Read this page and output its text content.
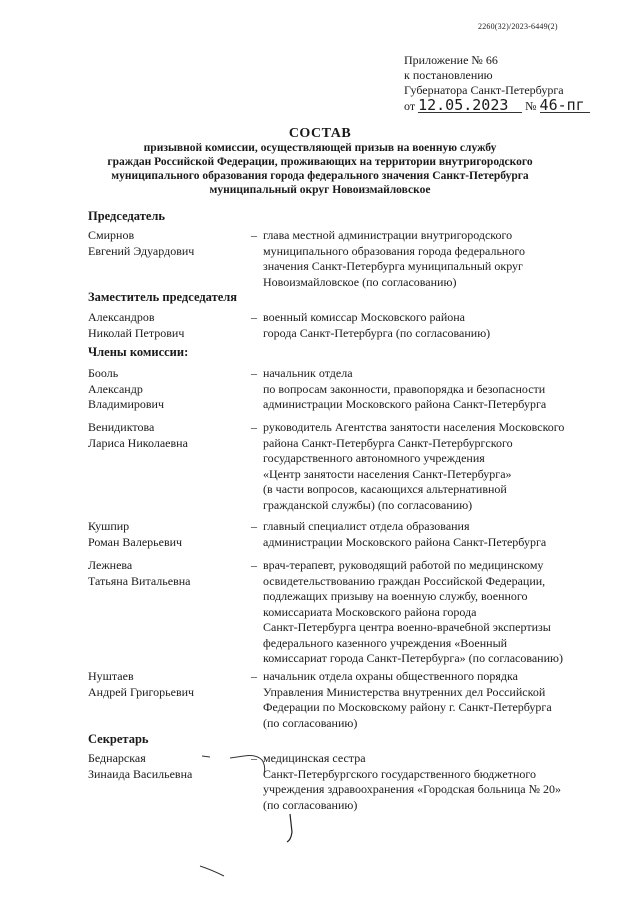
2260(32)/2023-6449(2)
Приложение № 66
к постановлению
Губернатора Санкт-Петербурга
от 12.05.2023 № 46-пг
СОСТАВ
призывной комиссии, осуществляющей призыв на военную службу
граждан Российской Федерации, проживающих на территории внутригородского
муниципального образования города федерального значения Санкт-Петербурга
муниципальный округ Новоизмайловское
Председатель
Смирнов
Евгений Эдуардович
– глава местной администрации внутригородского
муниципального образования города федерального
значения Санкт-Петербурга муниципальный округ
Новоизмайловское (по согласованию)
Заместитель председателя
Александров
Николай Петрович
– военный комиссар Московского района
города Санкт-Петербурга (по согласованию)
Члены комиссии:
Бооль
Александр
Владимирович
– начальник отдела
по вопросам законности, правопорядка и безопасности
администрации Московского района Санкт-Петербурга
Венидиктова
Лариса Николаевна
– руководитель Агентства занятости населения Московского
района Санкт-Петербурга Санкт-Петербургского
государственного автономного учреждения
«Центр занятости населения Санкт-Петербурга»
(в части вопросов, касающихся альтернативной
гражданской службы) (по согласованию)
Кушпир
Роман Валерьевич
– главный специалист отдела образования
администрации Московского района Санкт-Петербурга
Лежнева
Татьяна Витальевна
– врач-терапевт, руководящий работой по медицинскому
освидетельствованию граждан Российской Федерации,
подлежащих призыву на военную службу, военного
комиссариата Московского района города
Санкт-Петербурга центра военно-врачебной экспертизы
федерального казенного учреждения «Военный
комиссариат города Санкт-Петербурга» (по согласованию)
Нуштаев
Андрей Григорьевич
– начальник отдела охраны общественного порядка
Управления Министерства внутренних дел Российской
Федерации по Московскому району г. Санкт-Петербурга
(по согласованию)
Секретарь
Беднарская
Зинаида Васильевна
– медицинская сестра
Санкт-Петербургского государственного бюджетного
учреждения здравоохранения «Городская больница № 20»
(по согласованию)
